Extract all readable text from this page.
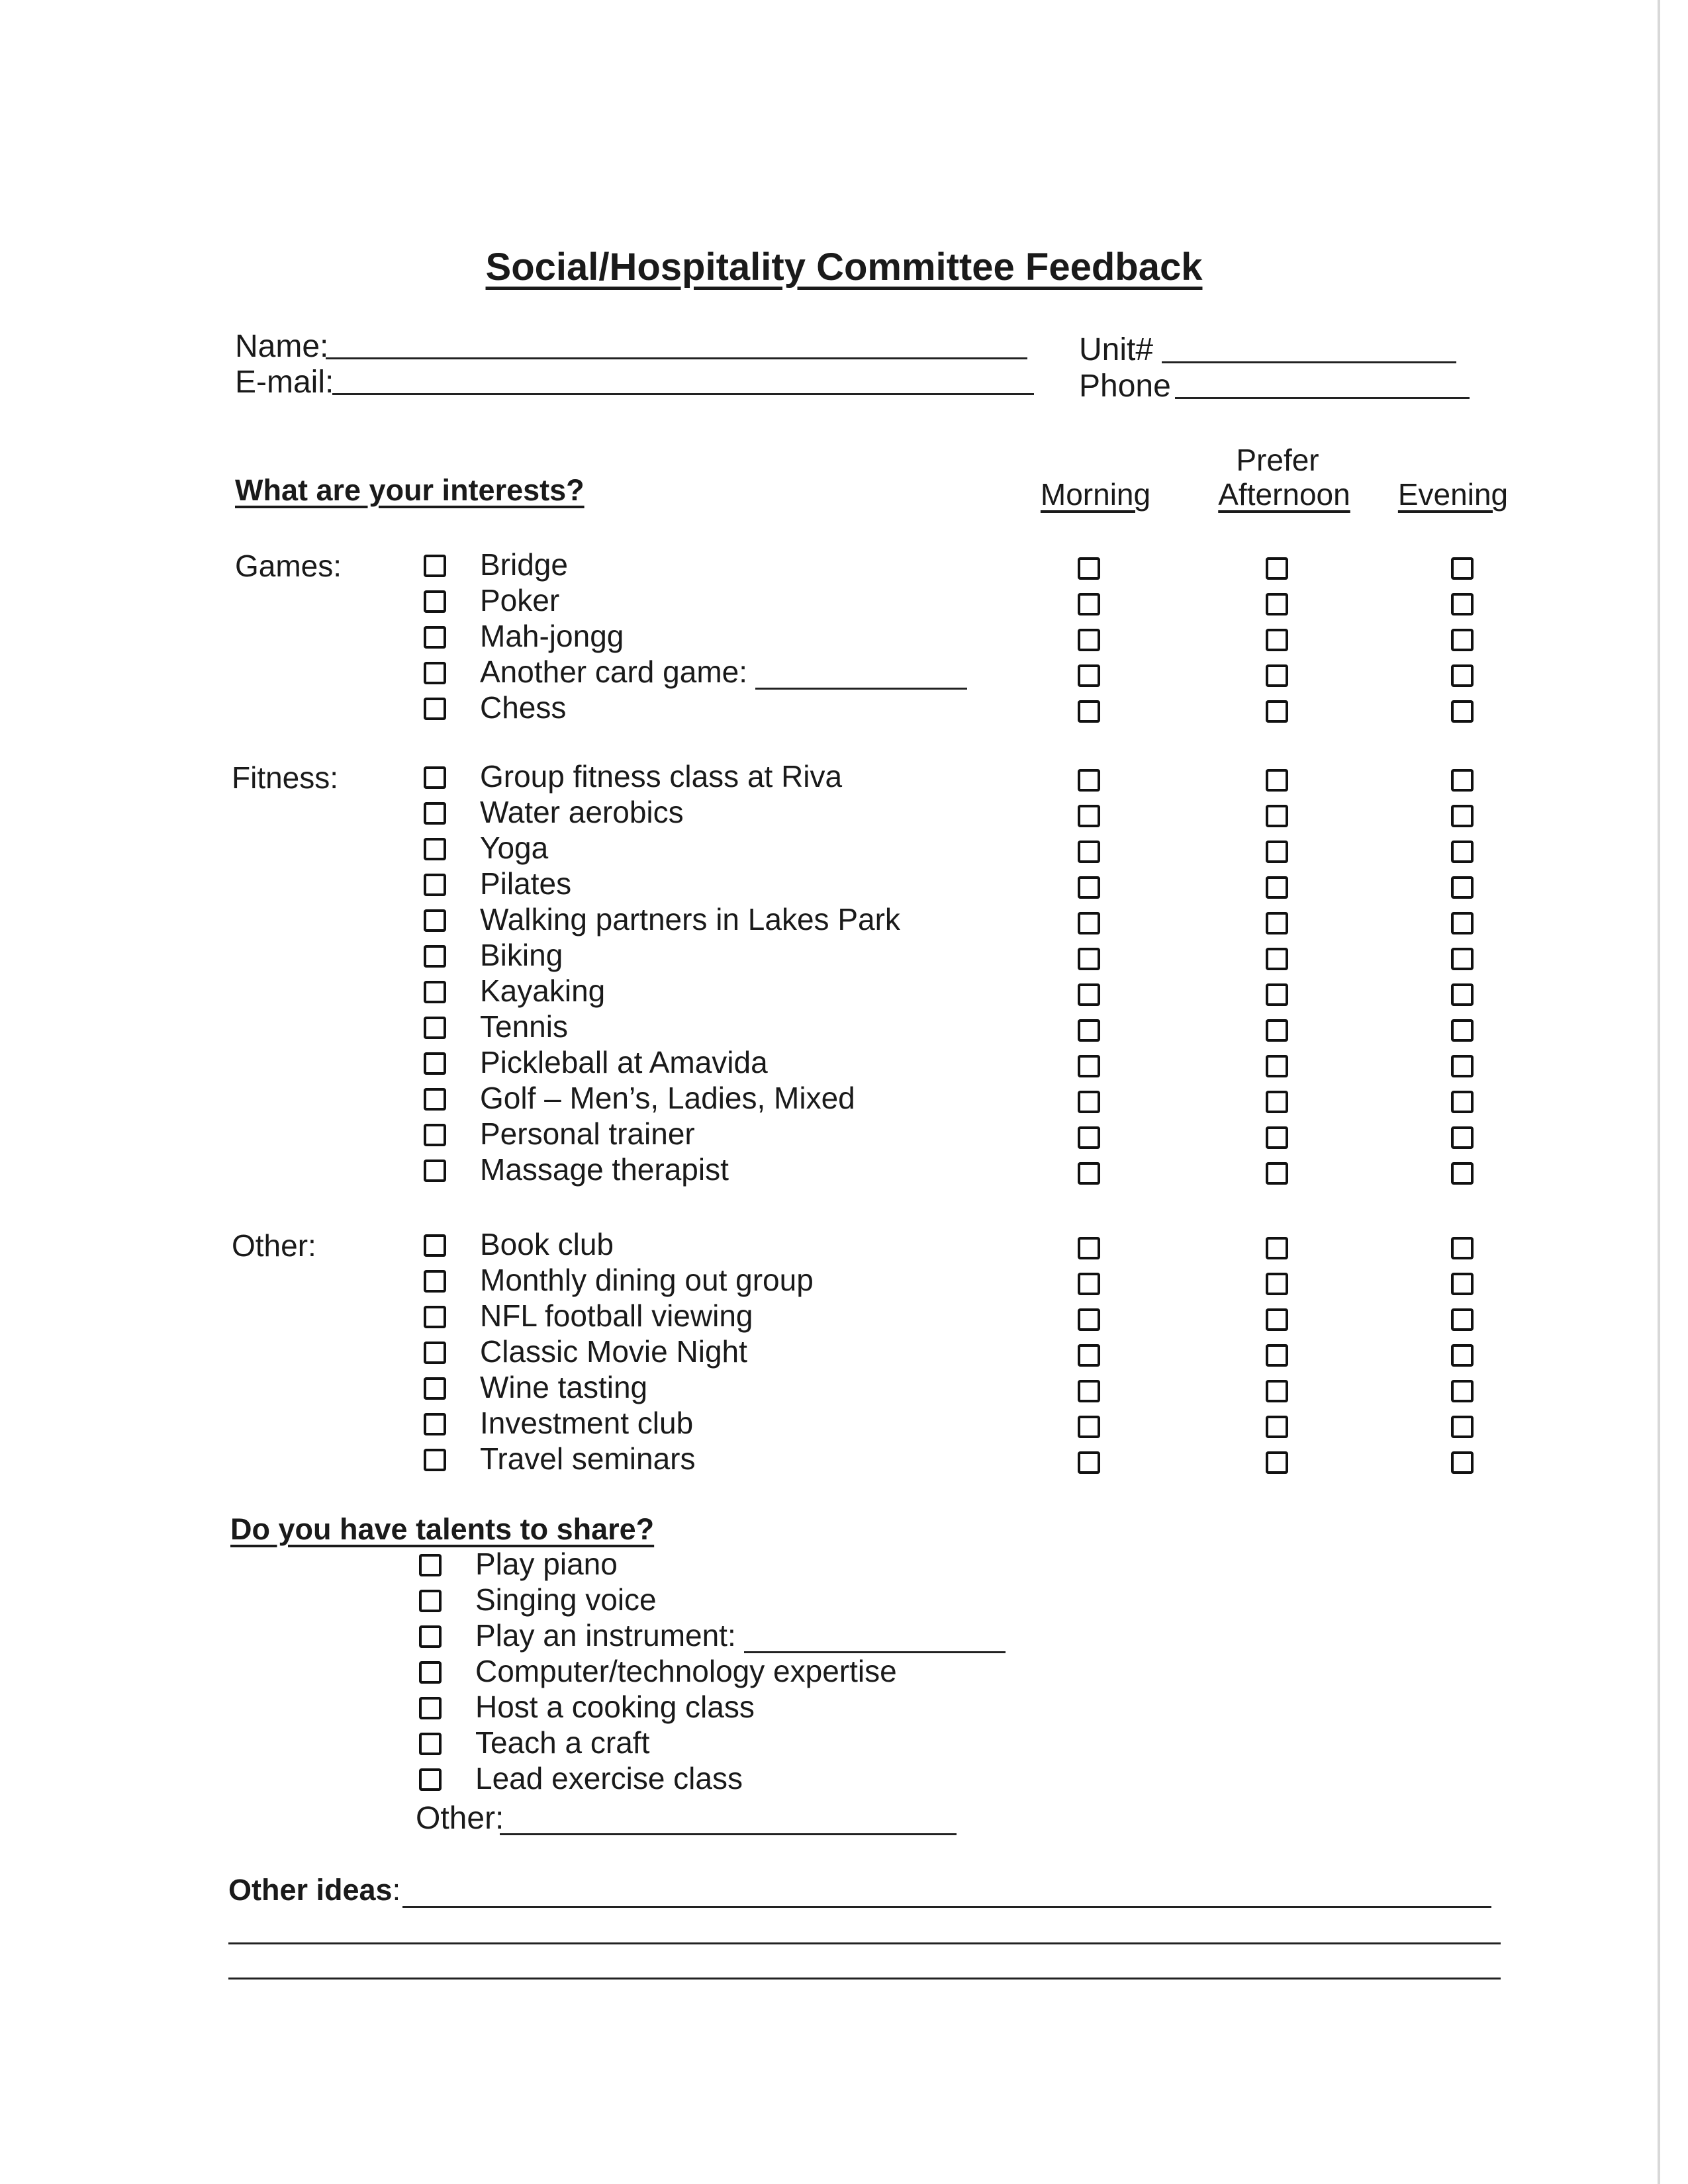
Social/Hospitality Committee Feedback
Name:
E-mail:
Unit#
Phone
What are your interests?
Prefer
Morning	Afternoon	Evening
Games:	Bridge
Poker
Mah-jongg
Another card game:
Chess
Fitness:	Group fitness class at Riva
Water aerobics
Yoga
Pilates
Walking partners in Lakes Park
Biking
Kayaking
Tennis
Pickleball at Amavida
Golf – Men’s, Ladies, Mixed
Personal trainer
Massage therapist
Other:	Book club
Monthly dining out group
NFL football viewing
Classic Movie Night
Wine tasting
Investment club
Travel seminars
Do you have talents to share?
Play piano
Singing voice
Play an instrument:
Computer/technology expertise
Host a cooking class
Teach a craft
Lead exercise class
Other:
Other ideas:
